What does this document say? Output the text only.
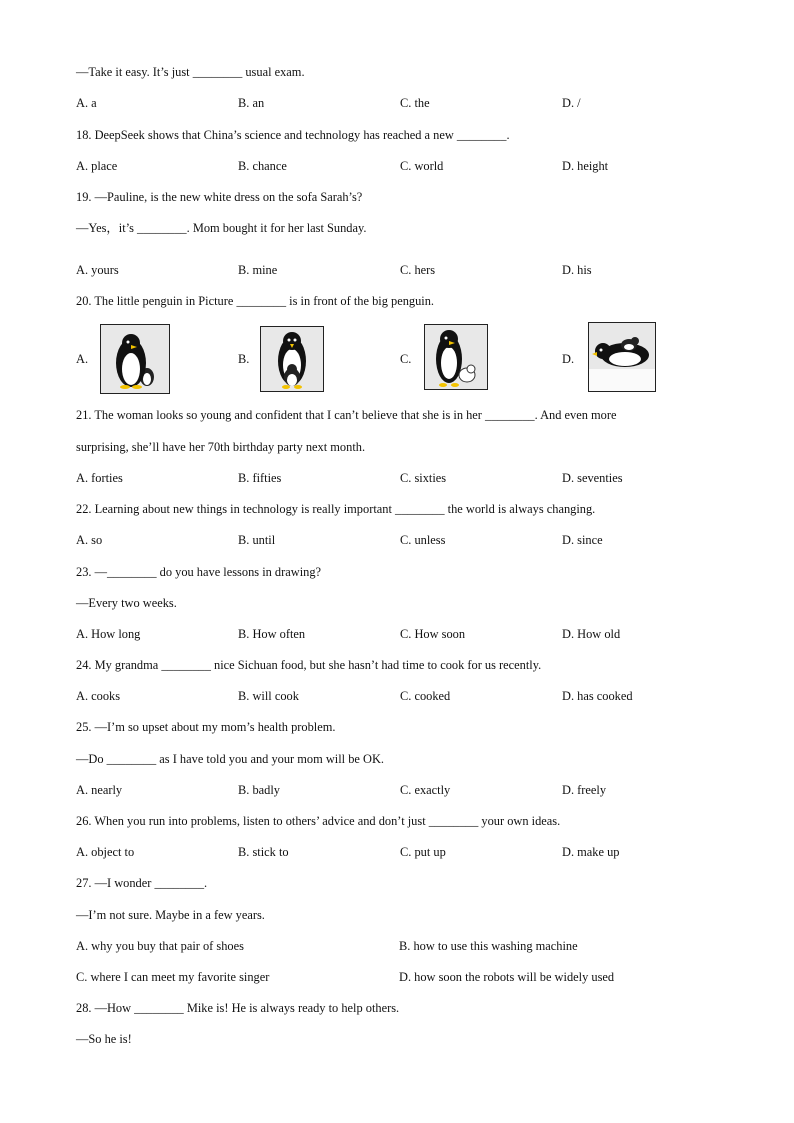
—Take it easy. It’s just ________ usual exam.
A. a	B. an	C. the	D. /
18. DeepSeek shows that China’s science and technology has reached a new ________.
A. place	B. chance	C. world	D. height
19. —Pauline, is the new white dress on the sofa Sarah’s?
—Yes，it’s ________. Mom bought it for her last Sunday.
A. yours	B. mine	C. hers	D. his
20. The little penguin in Picture ________ is in front of the big penguin.
A.	B.	C.	D.
21. The woman looks so young and confident that I can’t believe that she is in her ________. And even more
surprising, she’ll have her 70th birthday party next month.
A. forties	B. fifties	C. sixties	D. seventies
22. Learning about new things in technology is really important ________ the world is always changing.
A. so	B. until	C. unless	D. since
23. —________ do you have lessons in drawing?
—Every two weeks.
A. How long	B. How often	C. How soon	D. How old
24. My grandma ________ nice Sichuan food, but she hasn’t had time to cook for us recently.
A. cooks	B. will cook	C. cooked	D. has cooked
25. —I’m so upset about my mom’s health problem.
—Do ________ as I have told you and your mom will be OK.
A. nearly	B. badly	C. exactly	D. freely
26. When you run into problems, listen to others’ advice and don’t just ________ your own ideas.
A. object to	B. stick to	C. put up	D. make up
27. —I wonder ________.
—I’m not sure. Maybe in a few years.
A. why you buy that pair of shoes	B. how to use this washing machine
C. where I can meet my favorite singer	D. how soon the robots will be widely used
28. —How ________ Mike is! He is always ready to help others.
—So he is!
